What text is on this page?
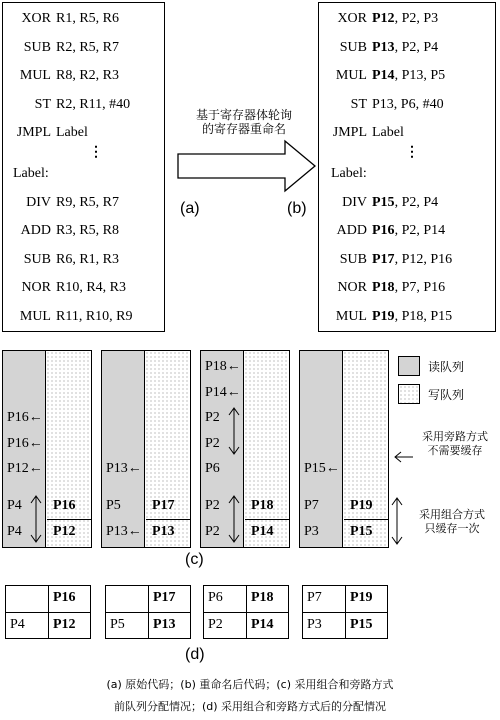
XOR R1, R5, R6
SUB R2, R5, R7
MUL R8, R2, R3
ST R2, R11, #40
JMPL Label
⋮
Label:
DIV R9, R5, R7
ADD R3, R5, R8
SUB R6, R1, R3
NOR R10, R4, R3
MUL R11, R10, R9
基于寄存器体轮询
的寄存器重命名
(a)	(b)
XOR P12, P2, P3
SUB P13, P2, P4
MUL P14, P13, P5
ST P13, P6, #40
JMPL Label
⋮
Label:
DIV P15, P2, P4
ADD P16, P2, P14
SUB P17, P12, P16
NOR P18, P7, P16
MUL P19, P18, P15
P16←
P16←
P12←
P4
P4
P16
P12
P13←
P5
P13←
P17
P13
P18←
P14←
P2
P2
P6
P2
P2
P18
P14
P15←
P7
P3
P19
P15
读队列
写队列
采用旁路方式
不需要缓存
采用组合方式
只缓存一次
(c)
P16
P4 P12
P17
P5 P13
P6 P18
P2 P14
P7 P19
P3 P15
(d)
(a) 原始代码；(b) 重命名后代码；(c) 采用组合和旁路方式
前队列分配情况；(d) 采用组合和旁路方式后的分配情况
